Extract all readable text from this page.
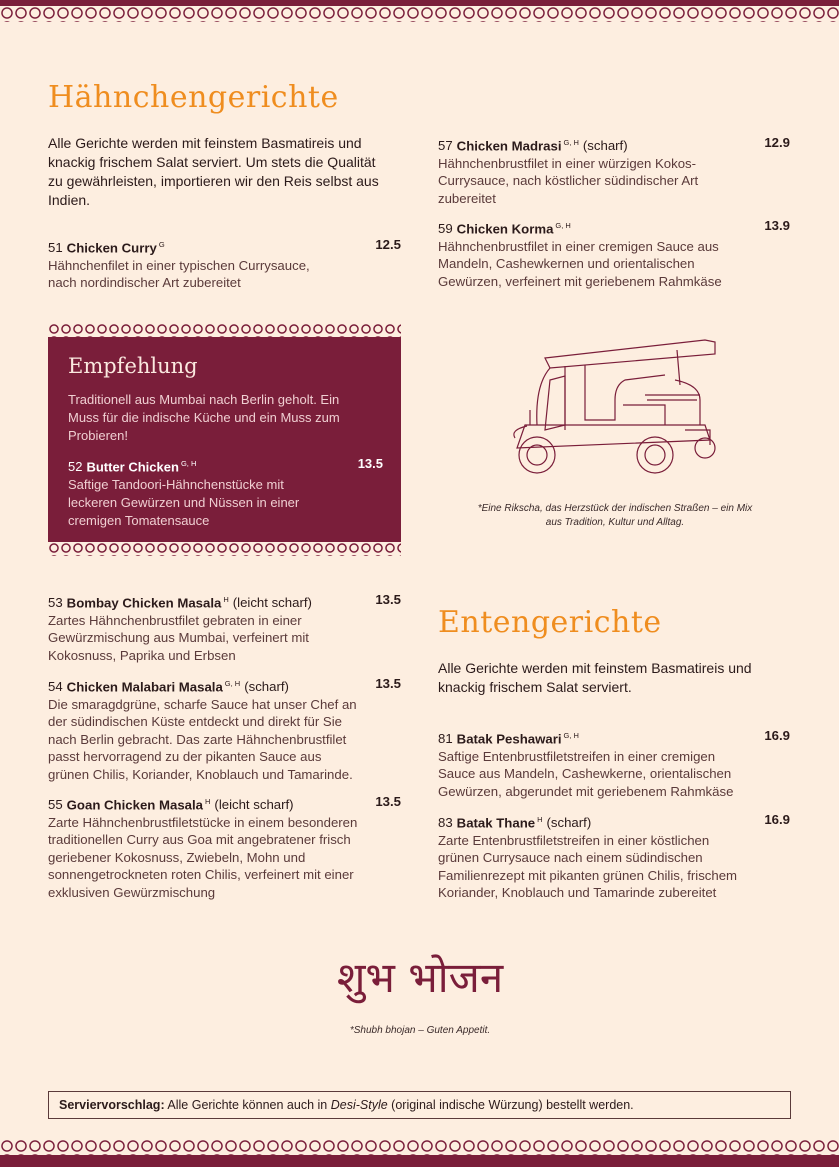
Hähnchengerichte
Alle Gerichte werden mit feinstem Basmatireis und knackig frischem Salat serviert. Um stets die Qualität zu gewährleisten, importieren wir den Reis selbst aus Indien.
51 Chicken Curry $^G$	12.5
Hähnchenfilet in einer typischen Currysauce, nach nordindischer Art zubereitet
57 Chicken Madrasi $^{G, H}$ (scharf)	12.9
Hähnchenbrustfilet in einer würzigen Kokos-Currysauce, nach köstlicher südindischer Art zubereitet
59 Chicken Korma $^{G, H}$	13.9
Hähnchenbrustfilet in einer cremigen Sauce aus Mandeln, Cashewkernen und orientalischen Gewürzen, verfeinert mit geriebenem Rahmkäse
Empfehlung
Traditionell aus Mumbai nach Berlin geholt. Ein Muss für die indische Küche und ein Muss zum Probieren!
52 Butter Chicken $^{G, H}$	13.5
Saftige Tandoori-Hähnchenstücke mit leckeren Gewürzen und Nüssen in einer cremigen Tomatensauce
*Eine Rikscha, das Herzstück der indischen Straßen – ein Mix aus Tradition, Kultur und Alltag.
53 Bombay Chicken Masala $^H$ (leicht scharf)	13.5
Zartes Hähnchenbrustfilet gebraten in einer Gewürzmischung aus Mumbai, verfeinert mit Kokosnuss, Paprika und Erbsen
54 Chicken Malabari Masala $^{G, H}$ (scharf)	13.5
Die smaragdgrüne, scharfe Sauce hat unser Chef an der südindischen Küste entdeckt und direkt für Sie nach Berlin gebracht. Das zarte Hähnchenbrustfilet passt hervorragend zu der pikanten Sauce aus grünen Chilis, Koriander, Knoblauch und Tamarinde.
55 Goan Chicken Masala $^H$ (leicht scharf)	13.5
Zarte Hähnchenbrustfiletstücke in einem besonderen traditionellen Curry aus Goa mit angebratener frisch geriebener Kokosnuss, Zwiebeln, Mohn und sonnengetrockneten roten Chilis, verfeinert mit einer exklusiven Gewürzmischung
Entengerichte
Alle Gerichte werden mit feinstem Basmatireis und knackig frischem Salat serviert.
81 Batak Peshawari $^{G, H}$	16.9
Saftige Entenbrustfiletstreifen in einer cremigen Sauce aus Mandeln, Cashewkerne, orientalischen Gewürzen, abgerundet mit geriebenem Rahmkäse
83 Batak Thane $^H$ (scharf)	16.9
Zarte Entenbrustfiletstreifen in einer köstlichen grünen Currysauce nach einem südindischen Familienrezept mit pikanten grünen Chilis, frischem Koriander, Knoblauch und Tamarinde zubereitet
शुभ भोजन
*Shubh bhojan – Guten Appetit.
Serviervorschlag: Alle Gerichte können auch in Desi-Style (original indische Würzung) bestellt werden.
